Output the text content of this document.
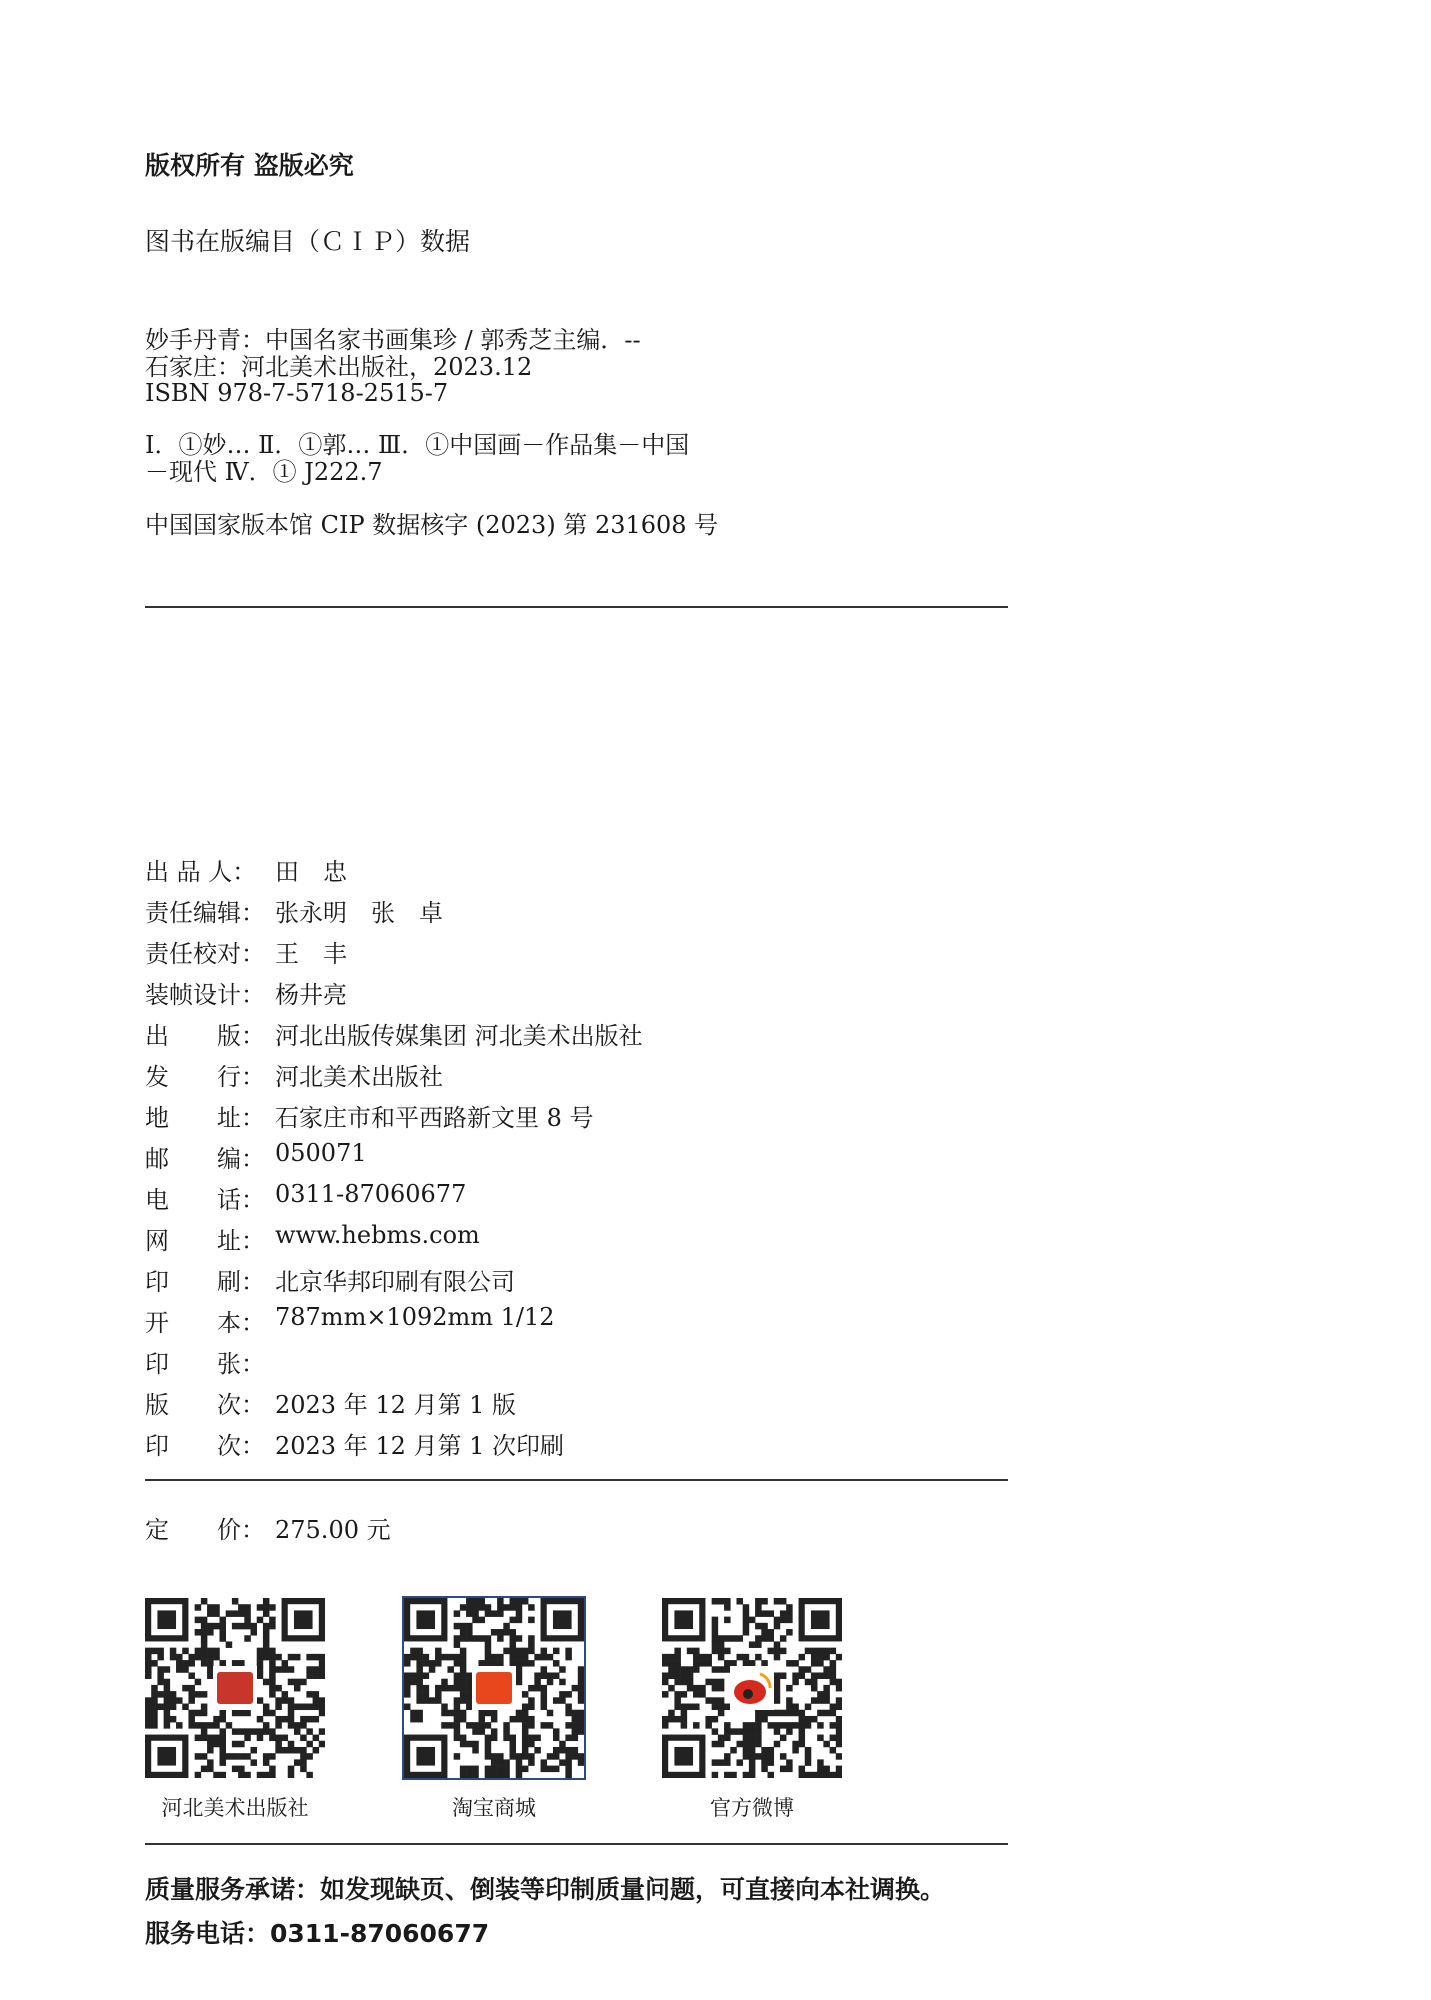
版权所有 盗版必究
图书在版编目（ＣＩＰ）数据
妙手丹青：中国名家书画集珍 / 郭秀芝主编．--
石家庄：河北美术出版社，2023.12
ISBN 978-7-5718-2515-7
Ⅰ．①妙… Ⅱ．①郭… Ⅲ．①中国画－作品集－中国
－现代 Ⅳ．① J222.7
中国国家版本馆 CIP 数据核字 (2023) 第 231608 号
出 品 人： 田　忠
责任编辑： 张永明　张　卓
责任校对： 王　丰
装帧设计： 杨井亮
出　　版： 河北出版传媒集团 河北美术出版社
发　　行： 河北美术出版社
地　　址： 石家庄市和平西路新文里 8 号
邮　　编： 050071
电　　话： 0311-87060677
网　　址： www.hebms.com
印　　刷： 北京华邦印刷有限公司
开　　本： 787mm×1092mm 1/12
印　　张：
版　　次： 2023 年 12 月第 1 版
印　　次： 2023 年 12 月第 1 次印刷
定　　价： 275.00 元
河北美术出版社	淘宝商城	官方微博
质量服务承诺：如发现缺页、倒装等印制质量问题，可直接向本社调换。
服务电话：0311-87060677
